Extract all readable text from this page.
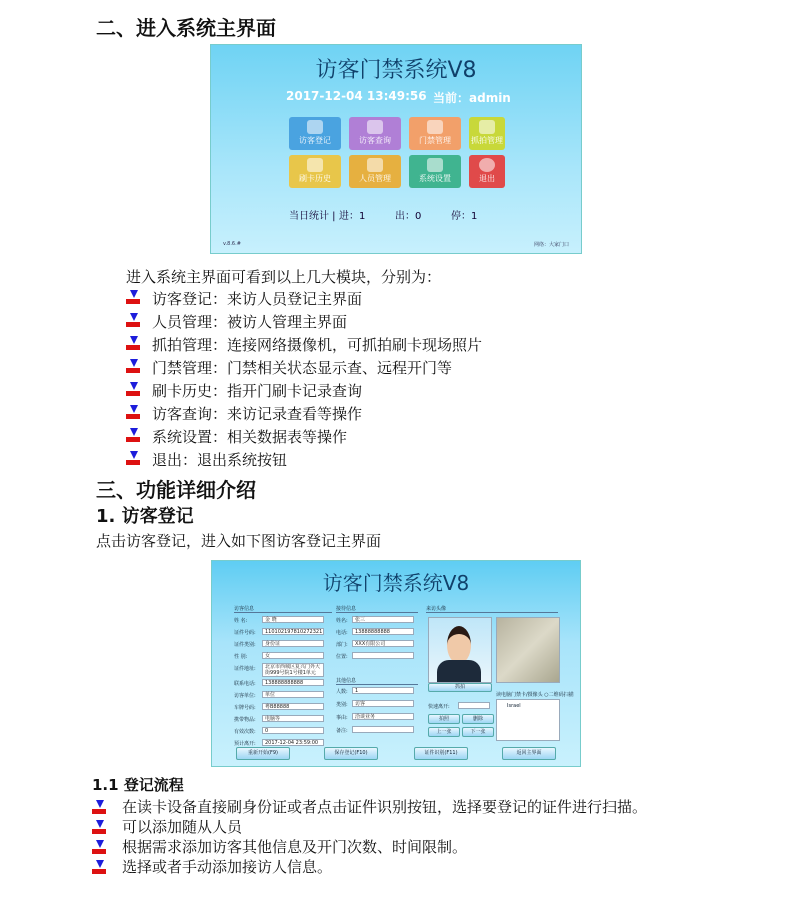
二、进入系统主界面
访客门禁系统V8
2017-12-04 13:49:56 当前：admin
访客登记	访客查询	门禁管理	抓拍管理
刷卡历史	人员管理	系统设置	退出
当日统计 | 进：1	出：0	停：1
v.8.6.#	网络：大家门口
进入系统主界面可看到以上几大模块，分别为：
访客登记：来访人员登记主界面
人员管理：被访人管理主界面
抓拍管理：连接网络摄像机，可抓拍刷卡现场照片
门禁管理：门禁相关状态显示查、远程开门等
刷卡历史：指开门刷卡记录查询
访客查询：来访记录查看等操作
系统设置：相关数据表等操作
退出：退出系统按钮
三、功能详细介绍
1. 访客登记
点击访客登记，进入如下图访客登记主界面
访客门禁系统V8
访客信息	接待信息	来访头像
姓 名:	金 晓
证件号码:	110102197810272321
证件类别:	身份证
性 别:	女
证件地址:	北京市西城区复兴门外大街999号院1号楼1单元
联系电话:	138888888888
访客单位:	单位
车牌号码:	粤B88888
携带物品:	电脑等
有效次数:	0
预计离开:	2017-12-04 23:59:00
姓名:	张三
电话:	13888888888
部门:	XXX有限公司
位置:
其他信息
人数:	1
类别:	访客
事由:	洽谈业务
备注:
抓拍
读电脑门禁卡/摄像头 ○二维码扫描
快速离开:	Israel
拍照	删除
上一张	下一张
重新开始(F9)	保存登记(F10)	证件识别(F11)	返回主界面
1.1 登记流程
在读卡设备直接刷身份证或者点击证件识别按钮，选择要登记的证件进行扫描。
可以添加随从人员
根据需求添加访客其他信息及开门次数、时间限制。
选择或者手动添加接访人信息。
